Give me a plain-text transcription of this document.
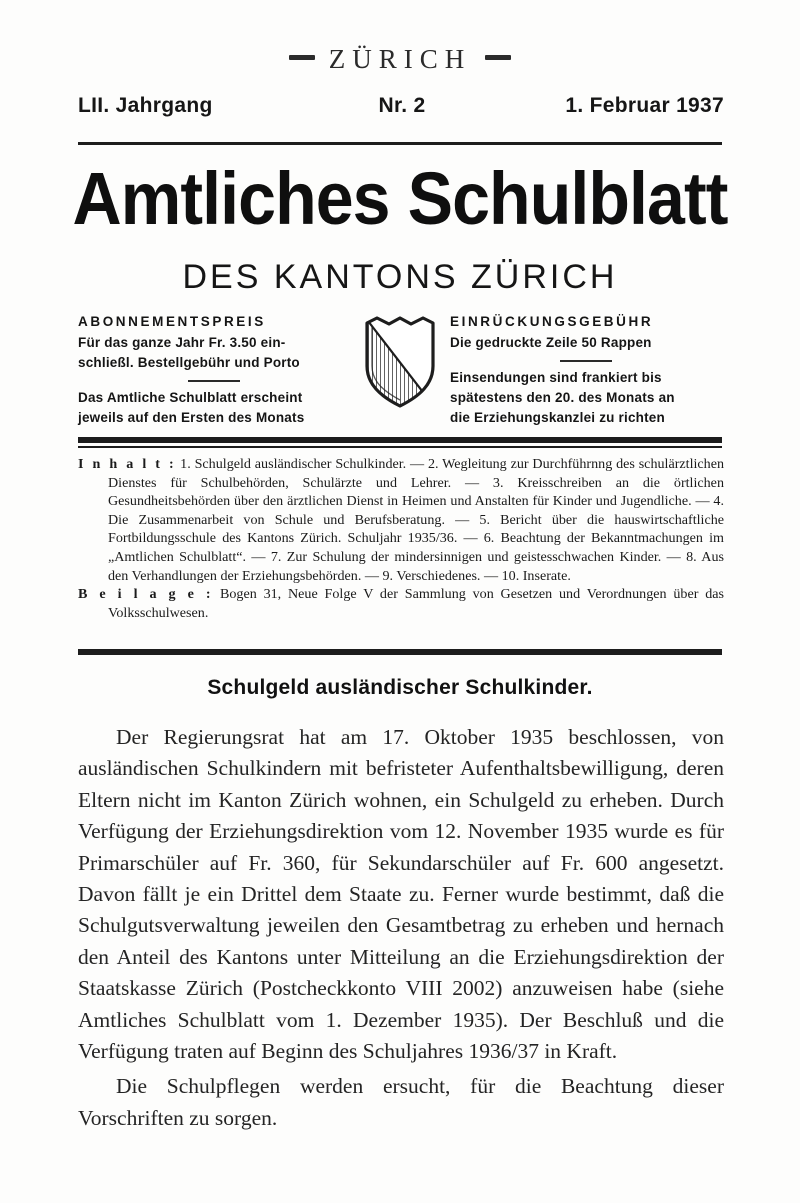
ZÜRICH
LII. Jahrgang	Nr. 2	1. Februar 1937
Amtliches Schulblatt
DES KANTONS ZÜRICH
ABONNEMENTSPREIS
Für das ganze Jahr Fr. 3.50 ein-
schließl. Bestellgebühr und Porto
Das Amtliche Schulblatt erscheint
jeweils auf den Ersten des Monats
EINRÜCKUNGSGEBÜHR
Die gedruckte Zeile 50 Rappen
Einsendungen sind frankiert bis
spätestens den 20. des Monats an
die Erziehungskanzlei zu richten

I n h a l t : 1. Schulgeld ausländischer Schulkinder. — 2. Wegleitung zur Durchführnng des schulärztlichen Dienstes für Schulbehörden, Schulärzte und Lehrer. — 3. Kreisschreiben an die örtlichen Gesundheitsbehörden über den ärztlichen Dienst in Heimen und Anstalten für Kinder und Jugendliche. — 4. Die Zusammenarbeit von Schule und Berufsberatung. — 5. Bericht über die hauswirtschaftliche Fortbildungsschule des Kantons Zürich. Schuljahr 1935/36. — 6. Beachtung der Bekanntmachungen im „Amtlichen Schulblatt“. — 7. Zur Schulung der mindersinnigen und geistesschwachen Kinder. — 8. Aus den Verhandlungen der Erziehungsbehörden. — 9. Verschiedenes. — 10. Inserate.

B e i l a g e : Bogen 31, Neue Folge V der Sammlung von Gesetzen und Verordnungen über das Volksschulwesen.

Schulgeld ausländischer Schulkinder.

Der Regierungsrat hat am 17. Oktober 1935 beschlossen, von ausländischen Schulkindern mit befristeter Aufenthaltsbewilligung, deren Eltern nicht im Kanton Zürich wohnen, ein Schulgeld zu erheben. Durch Verfügung der Erziehungsdirektion vom 12. November 1935 wurde es für Primarschüler auf Fr. 360, für Sekundarschüler auf Fr. 600 angesetzt. Davon fällt je ein Drittel dem Staate zu. Ferner wurde bestimmt, daß die Schulgutsverwaltung jeweilen den Gesamtbetrag zu erheben und hernach den Anteil des Kantons unter Mitteilung an die Erziehungsdirektion der Staatskasse Zürich (Postcheckkonto VIII 2002) anzuweisen habe (siehe Amtliches Schulblatt vom 1. Dezember 1935). Der Beschluß und die Verfügung traten auf Beginn des Schuljahres 1936/37 in Kraft.

Die Schulpflegen werden ersucht, für die Beachtung dieser Vorschriften zu sorgen.
